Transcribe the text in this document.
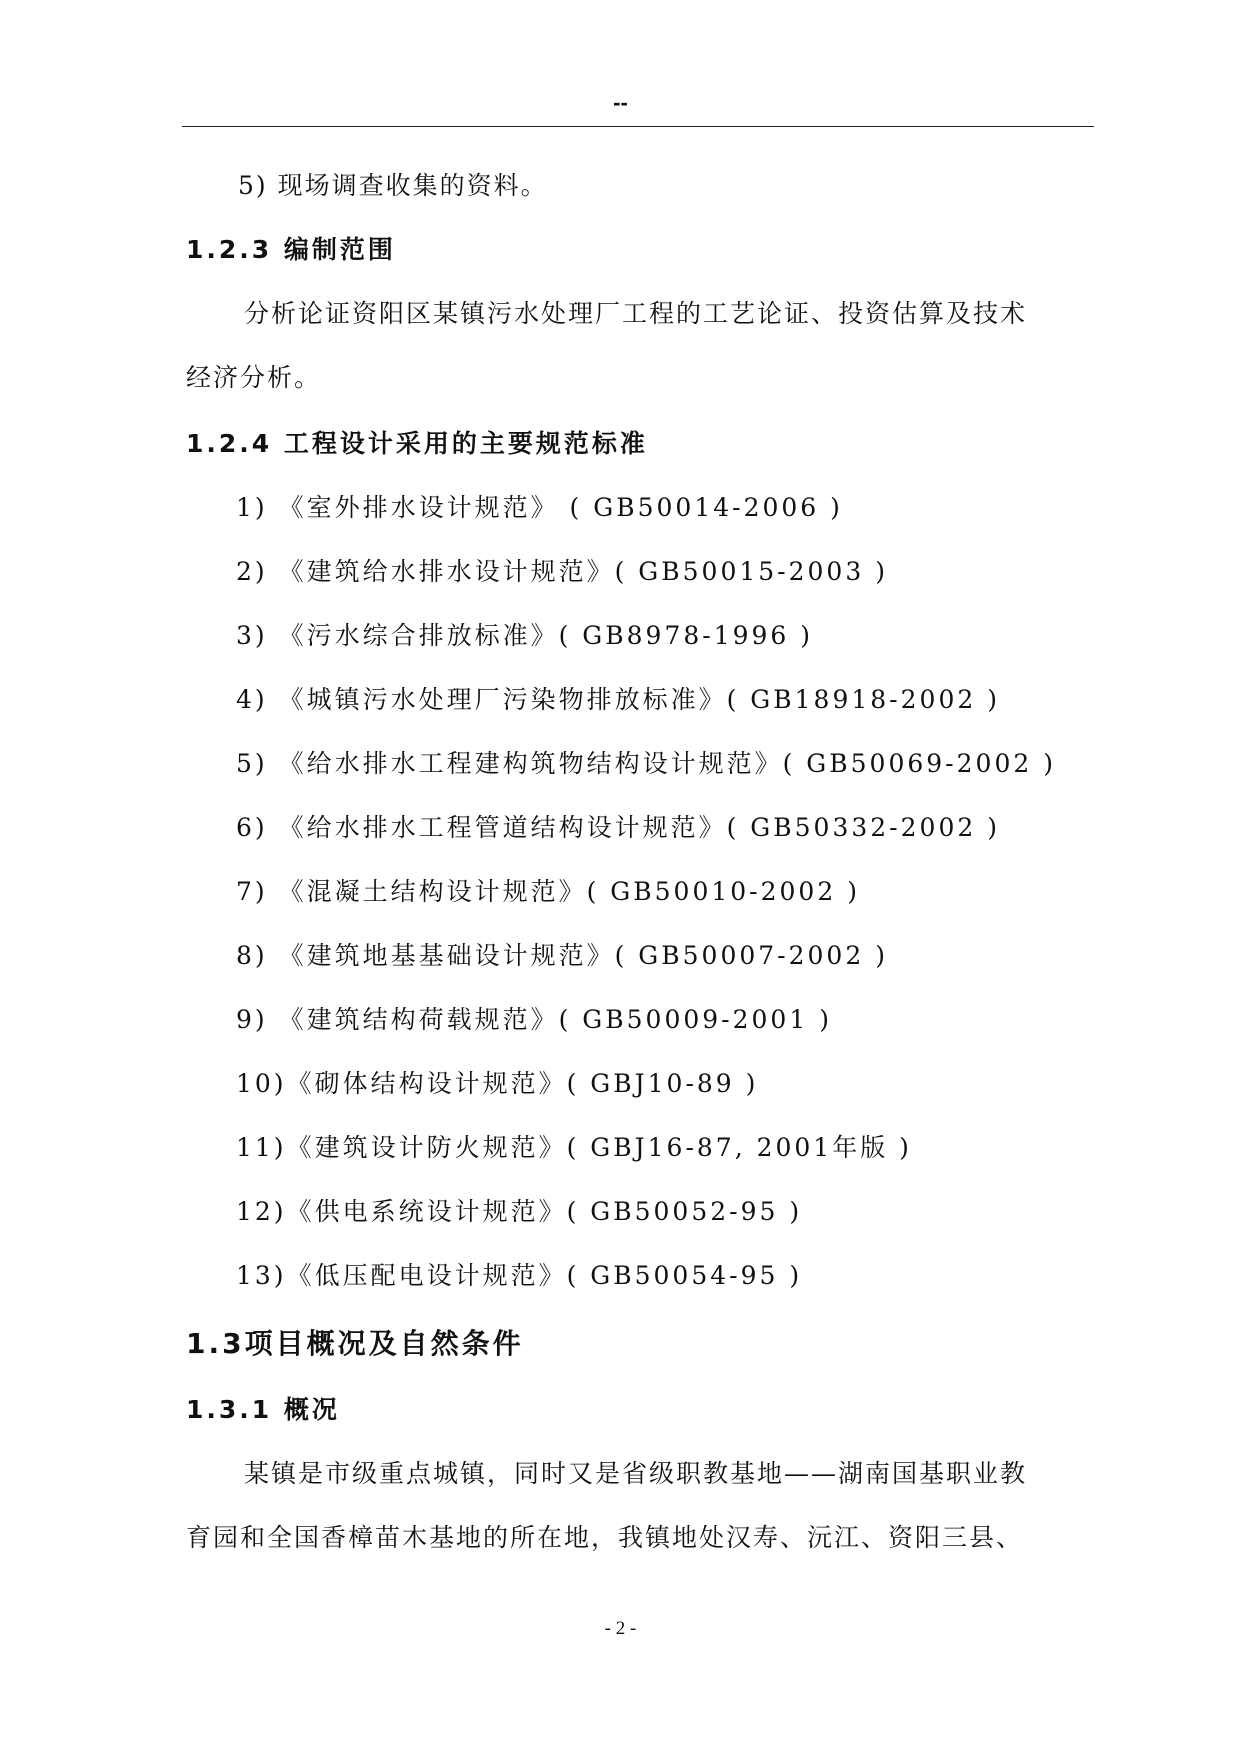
--
5) 现场调查收集的资料。
1.2.3 编制范围
分析论证资阳区某镇污水处理厂工程的工艺论证、投资估算及技术
经济分析。
1.2.4 工程设计采用的主要规范标准
1) 《室外排水设计规范》 ( GB50014-2006 )
2) 《建筑给水排水设计规范》( GB50015-2003 )
3) 《污水综合排放标准》( GB8978-1996 )
4) 《城镇污水处理厂污染物排放标准》( GB18918-2002 )
5) 《给水排水工程建构筑物结构设计规范》( GB50069-2002 )
6) 《给水排水工程管道结构设计规范》( GB50332-2002 )
7) 《混凝土结构设计规范》( GB50010-2002 )
8) 《建筑地基基础设计规范》( GB50007-2002 )
9) 《建筑结构荷载规范》( GB50009-2001 )
10)《砌体结构设计规范》( GBJ10-89 )
11)《建筑设计防火规范》( GBJ16-87, 2001年版 )
12)《供电系统设计规范》( GB50052-95 )
13)《低压配电设计规范》( GB50054-95 )
1.3项目概况及自然条件
1.3.1 概况
某镇是市级重点城镇，同时又是省级职教基地——湖南国基职业教
育园和全国香樟苗木基地的所在地，我镇地处汉寿、沅江、资阳三县、
- 2 -
